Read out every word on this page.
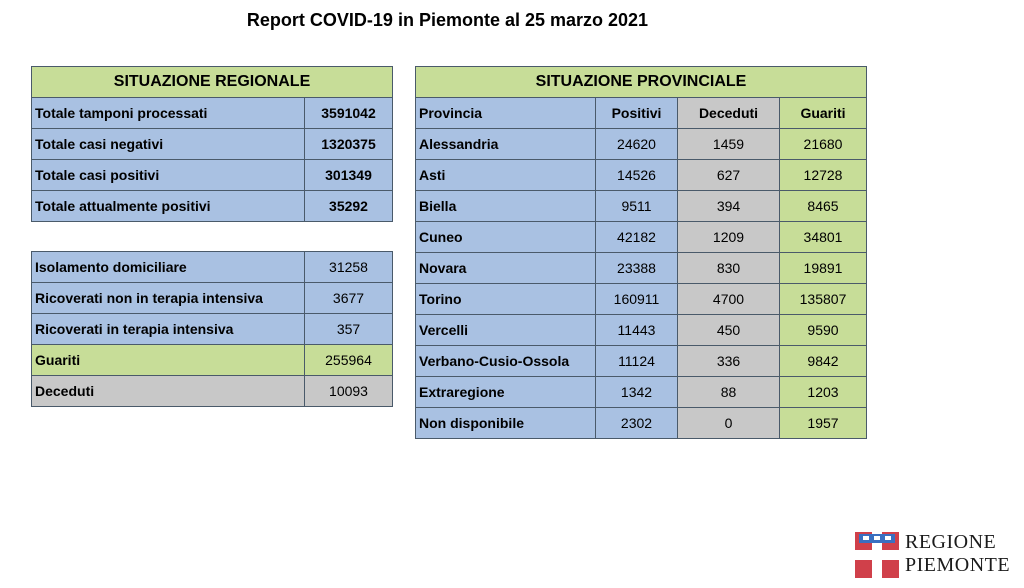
Report COVID-19 in Piemonte al 25 marzo 2021
SITUAZIONE REGIONALE	
Totale tamponi processati	3591042
Totale casi negativi	1320375
Totale casi positivi	301349
Totale attualmente positivi	35292
Isolamento domiciliare	31258
Ricoverati non in terapia intensiva	3677
Ricoverati in terapia intensiva	357
Guariti	255964
Deceduti	10093
SITUAZIONE PROVINCIALE			
Provincia	Positivi	Deceduti	Guariti
Alessandria	24620	1459	21680
Asti	14526	627	12728
Biella	9511	394	8465
Cuneo	42182	1209	34801
Novara	23388	830	19891
Torino	160911	4700	135807
Vercelli	11443	450	9590
Verbano-Cusio-Ossola	11124	336	9842
Extraregione	1342	88	1203
Non disponibile	2302	0	1957
REGIONE
PIEMONTE
